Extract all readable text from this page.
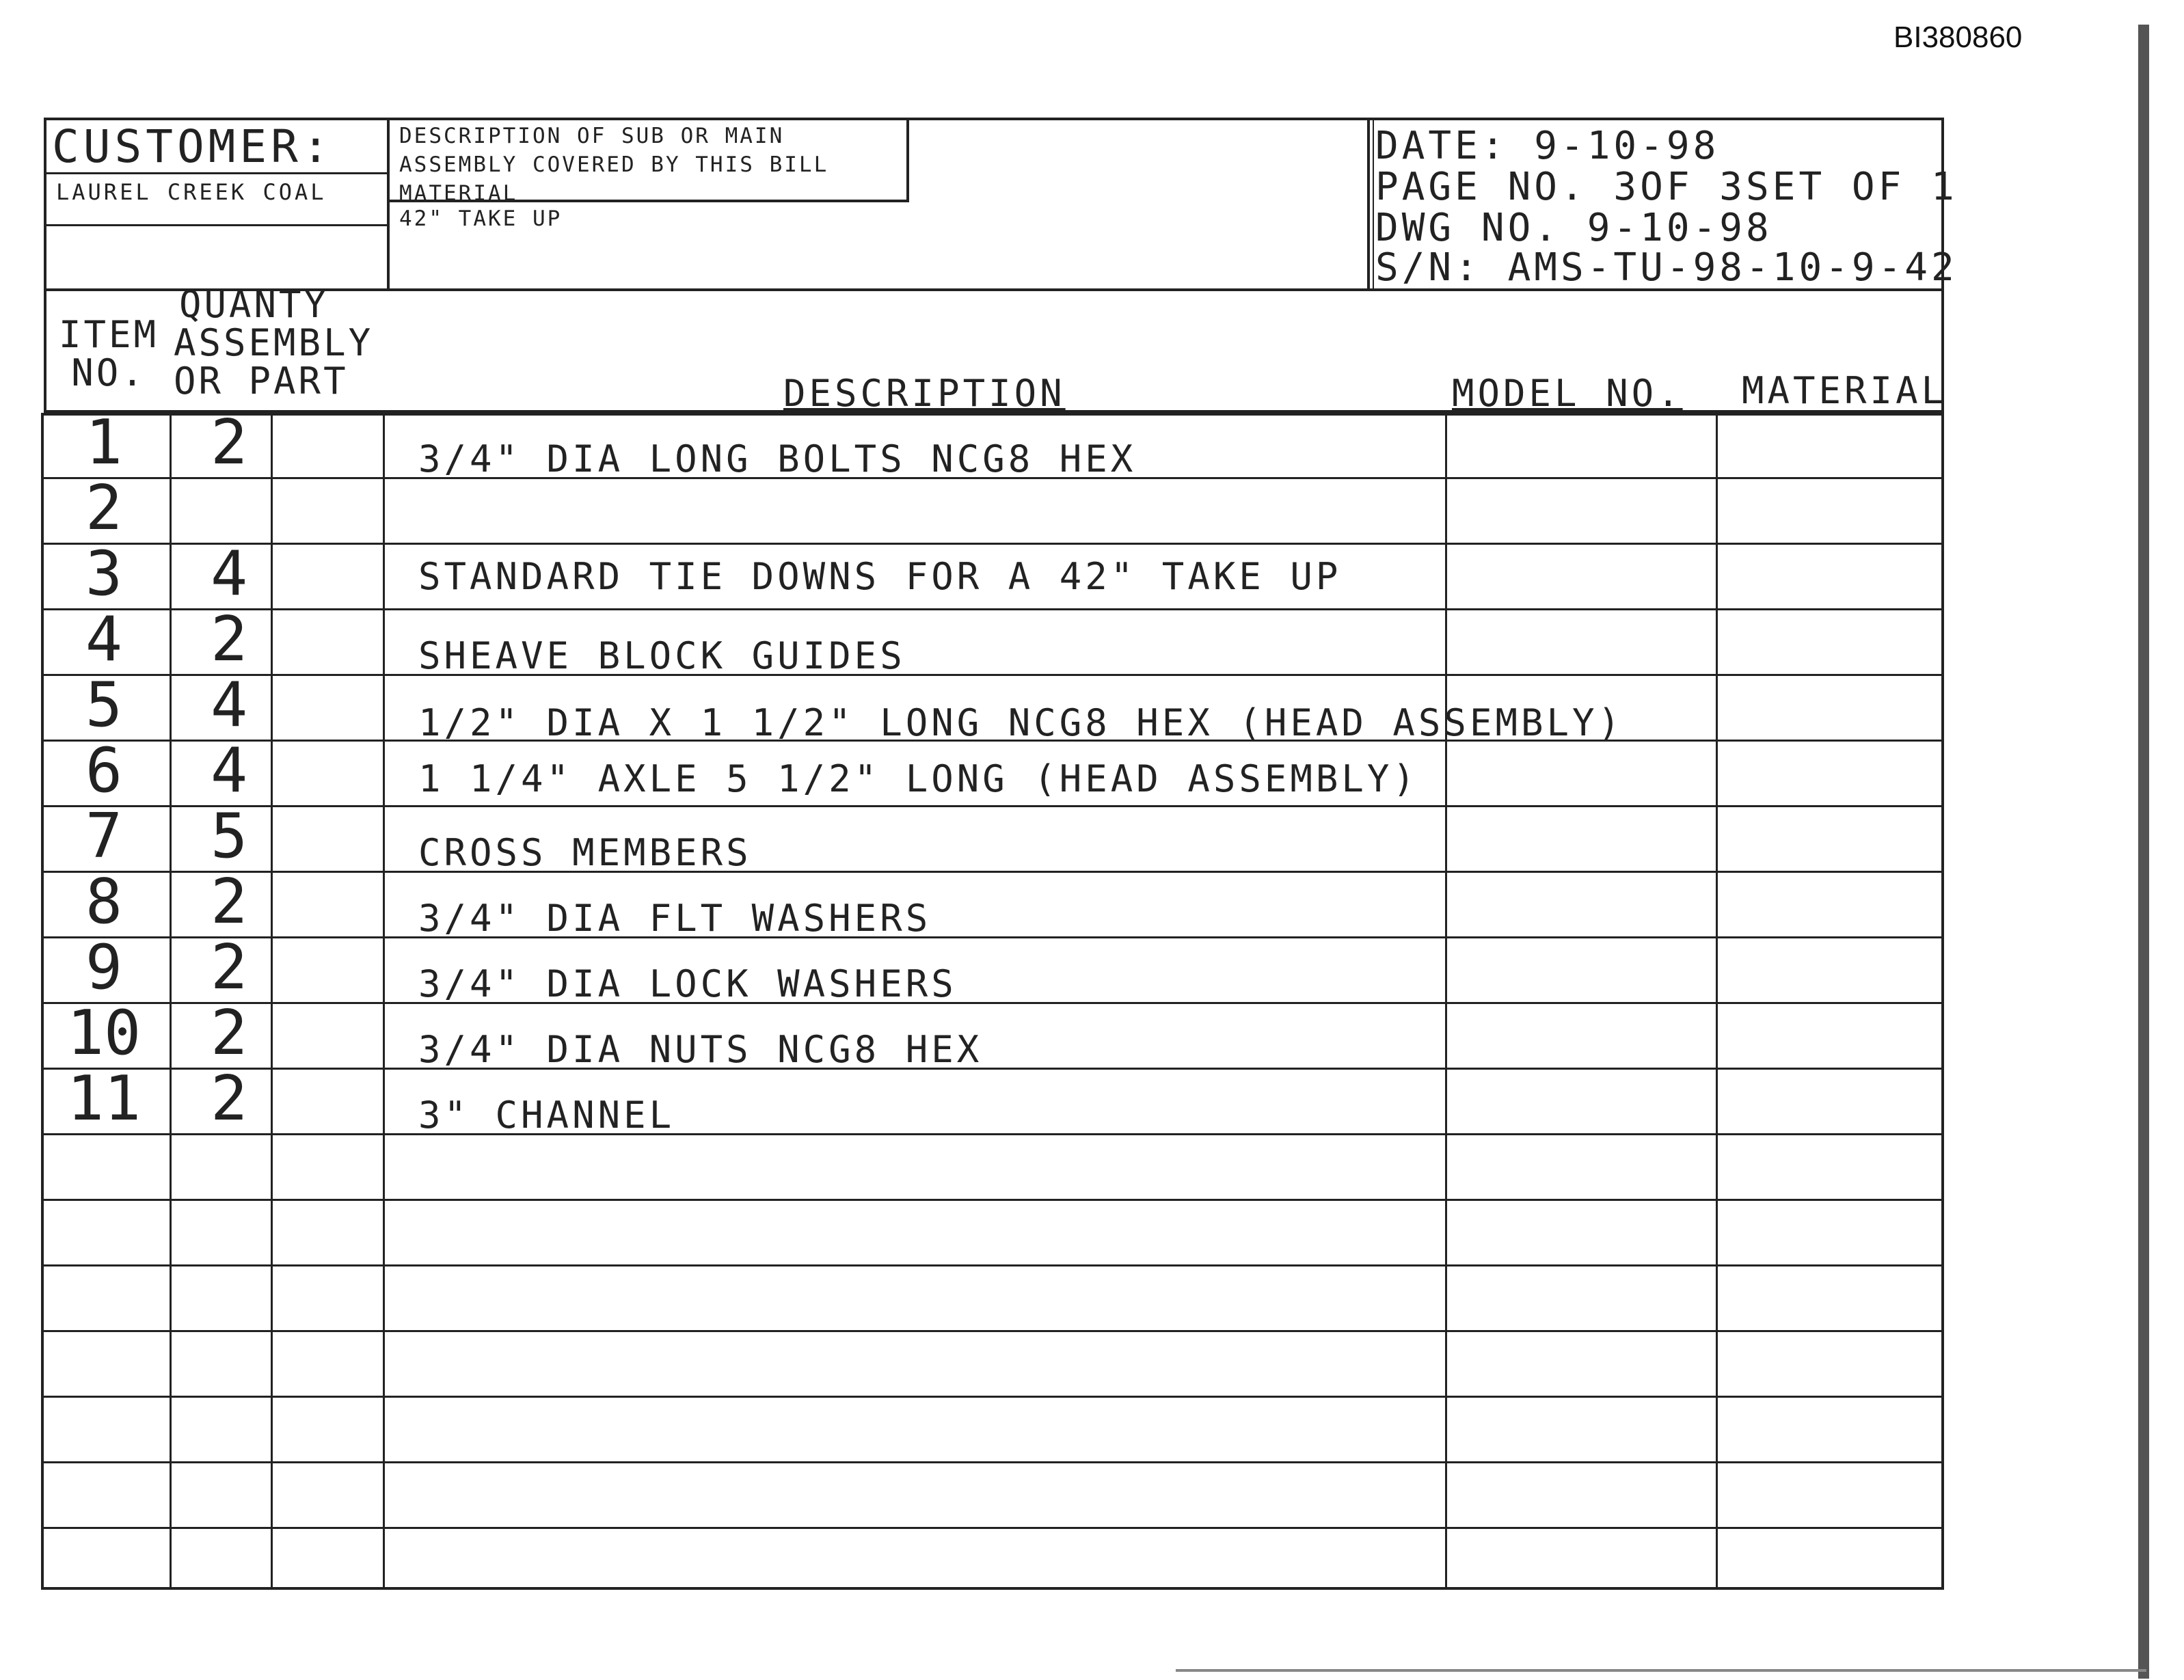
BI380860
CUSTOMER:
LAUREL CREEK COAL
DESCRIPTION OF SUB OR MAIN ASSEMBLY COVERED BY THIS BILL MATERIAL
42" TAKE UP
DATE: 9-10-98
PAGE NO. 3OF 3SET OF 1
DWG NO. 9-10-98
S/N: AMS-TU-98-10-9-42
ITEM NO.
QUANTY
ASSEMBLY
OR PART	DESCRIPTION	MODEL NO. MATERIAL
1	2	3/4" DIA LONG BOLTS NCG8 HEX
2
3	4	STANDARD TIE DOWNS FOR A 42" TAKE UP
4	2	SHEAVE BLOCK GUIDES
5	4	1/2" DIA X 1 1/2" LONG NCG8 HEX (HEAD ASSEMBLY)
6	4	1 1/4" AXLE 5 1/2" LONG (HEAD ASSEMBLY)
7	5	CROSS MEMBERS
8	2	3/4" DIA FLT WASHERS
9	2	3/4" DIA LOCK WASHERS
10	2	3/4" DIA NUTS NCG8 HEX
11	2	3" CHANNEL
